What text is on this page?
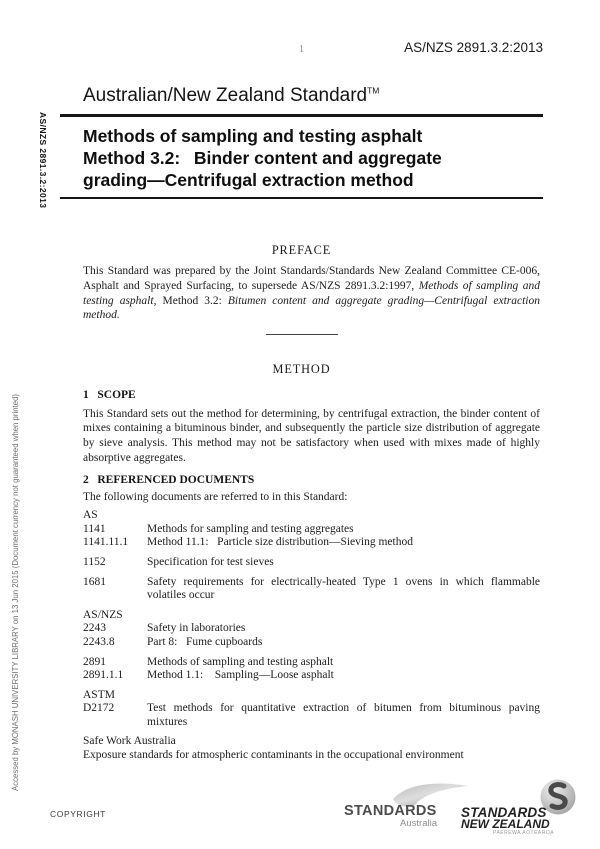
1	AS/NZS 2891.3.2:2013
AS/NZS 2891.3.2:2013
Accessed by MONASH UNIVERSITY LIBRARY on 13 Jun 2015 (Document currency not guaranteed when printed)
Australian/New Zealand Standard™
Methods of sampling and testing asphalt
Method 3.2:  Binder content and aggregate
grading—Centrifugal extraction method
PREFACE

This Standard was prepared by the Joint Standards/Standards New Zealand Committee CE-006, Asphalt and Sprayed Surfacing, to supersede AS/NZS 2891.3.2:1997, Methods of sampling and testing asphalt, Method 3.2: Bitumen content and aggregate grading—Centrifugal extraction method.

METHOD
1  SCOPE

This Standard sets out the method for determining, by centrifugal extraction, the binder content of mixes containing a bituminous binder, and subsequently the particle size distribution of aggregate by sieve analysis. This method may not be satisfactory when used with mixes made of highly absorptive aggregates.

2  REFERENCED DOCUMENTS
The following documents are referred to in this Standard:
AS
1141	Methods for sampling and testing aggregates
1141.11.1	Method 11.1:  Particle size distribution—Sieving method
1152	Specification for test sieves
1681	Safety requirements for electrically-heated Type 1 ovens in which flammable volatiles occur
AS/NZS
2243	Safety in laboratories
2243.8	Part 8:  Fume cupboards
2891	Methods of sampling and testing asphalt
2891.1.1	Method 1.1:  Sampling—Loose asphalt
ASTM
D2172	Test methods for quantitative extraction of bitumen from bituminous paving mixtures
Safe Work Australia
Exposure standards for atmospheric contaminants in the occupational environment
COPYRIGHT	STANDARDS
Australia
STANDARDS
NEW ZEALAND
PAEREWA AOTEAROA
